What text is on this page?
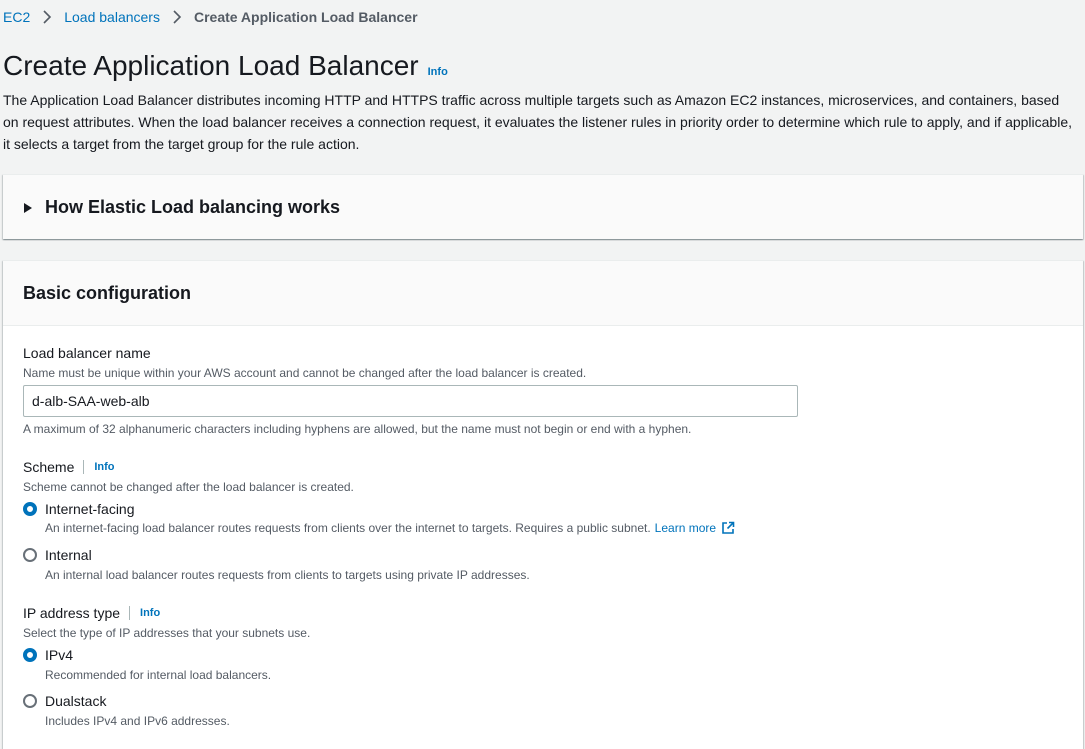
EC2 Load balancers Create Application Load Balancer
Create Application Load Balancer Info

The Application Load Balancer distributes incoming HTTP and HTTPS traffic across multiple targets such as Amazon EC2 instances, microservices, and containers, based on request attributes. When the load balancer receives a connection request, it evaluates the listener rules in priority order to determine which rule to apply, and if applicable, it selects a target from the target group for the rule action.

How Elastic Load balancing works
Basic configuration
Load balancer name
Name must be unique within your AWS account and cannot be changed after the load balancer is created.
d-alb-SAA-web-alb
A maximum of 32 alphanumeric characters including hyphens are allowed, but the name must not begin or end with a hyphen.
Scheme Info
Scheme cannot be changed after the load balancer is created.
Internet-facing
An internet-facing load balancer routes requests from clients over the internet to targets. Requires a public subnet. Learn more
Internal
An internal load balancer routes requests from clients to targets using private IP addresses.
IP address type Info
Select the type of IP addresses that your subnets use.
IPv4
Recommended for internal load balancers.
Dualstack
Includes IPv4 and IPv6 addresses.
